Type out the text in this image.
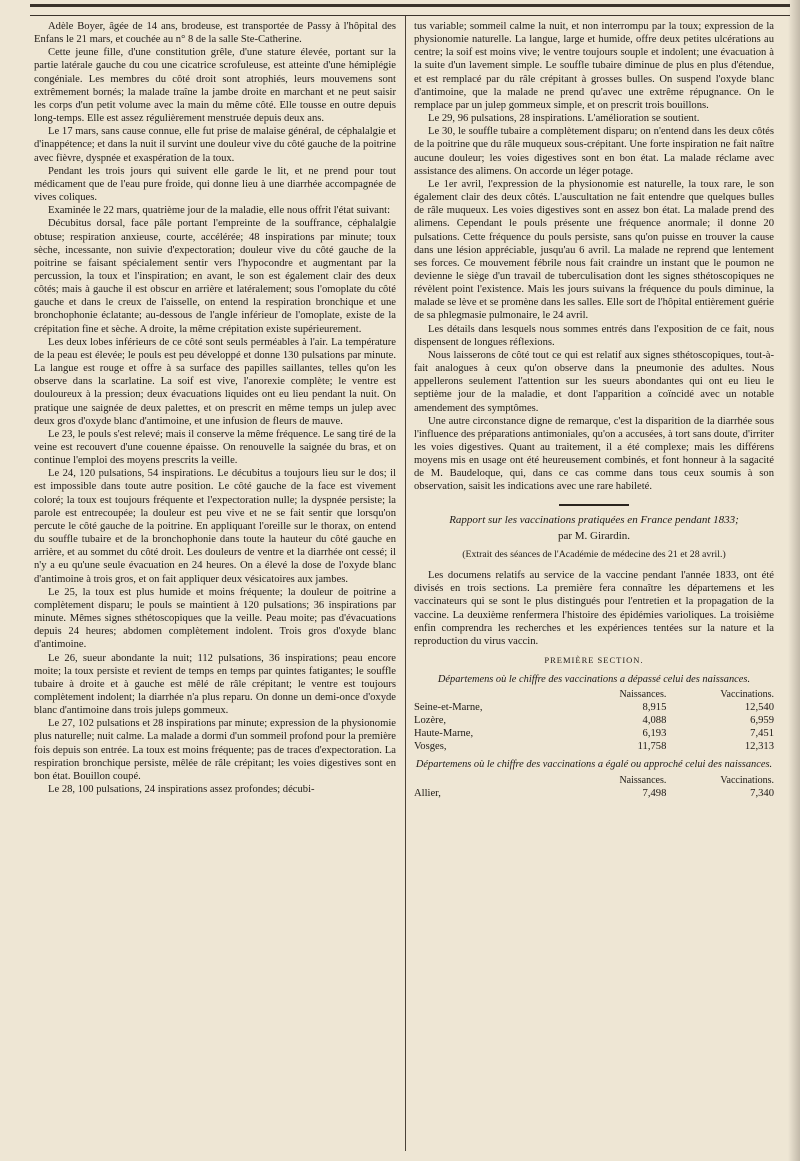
Adèle Boyer, âgée de 14 ans, brodeuse, est transportée de Passy à l'hôpital des Enfans le 21 mars, et couchée au n° 8 de la salle Ste-Catherine.

Cette jeune fille, d'une constitution grêle, d'une stature élevée, portant sur la partie latérale gauche du cou une cicatrice scrofuleuse, est atteinte d'une hémiplégie congéniale. Les membres du côté droit sont atrophiés, leurs mouvemens sont extrêmement bornés; la malade traîne la jambe droite en marchant et ne peut saisir les corps d'un petit volume avec la main du même côté. Elle tousse en outre depuis long-temps. Elle est assez régulièrement menstruée depuis deux ans.

Le 17 mars, sans cause connue, elle fut prise de malaise général, de céphalalgie et d'inappétence; et dans la nuit il survint une douleur vive du côté gauche de la poitrine avec fièvre, dyspnée et exaspération de la toux.

Pendant les trois jours qui suivent elle garde le lit, et ne prend pour tout médicament que de l'eau pure froide, qui donne lieu à une diarrhée accompagnée de vives coliques.

Examinée le 22 mars, quatrième jour de la maladie, elle nous offrit l'état suivant:

Décubitus dorsal, face pâle portant l'empreinte de la souffrance, céphalalgie obtuse; respiration anxieuse, courte, accélérée; 48 inspirations par minute; toux sèche, incessante, non suivie d'expectoration; douleur vive du côté gauche de la poitrine se faisant spécialement sentir vers l'hypocondre et augmentant par la percussion, la toux et l'inspiration; en avant, le son est également clair des deux côtés; mais à gauche il est obscur en arrière et latéralement; sous l'omoplate du côté gauche et dans le creux de l'aisselle, on entend la respiration bronchique et une bronchophonie éclatante; au-dessous de l'angle inférieur de l'omoplate, existe de la crépitation fine et sèche. A droite, la même crépitation existe supérieurement.

Les deux lobes inférieurs de ce côté sont seuls perméables à l'air. La température de la peau est élevée; le pouls est peu développé et donne 130 pulsations par minute. La langue est rouge et offre à sa surface des papilles saillantes, telles qu'on les observe dans la scarlatine. La soif est vive, l'anorexie complète; le ventre est douloureux à la pression; deux évacuations liquides ont eu lieu pendant la nuit. On pratique une saignée de deux palettes, et on prescrit en même temps un julep avec deux gros d'oxyde blanc d'antimoine, et une infusion de fleurs de mauve.

Le 23, le pouls s'est relevé; mais il conserve la même fréquence. Le sang tiré de la veine est recouvert d'une couenne épaisse. On renouvelle la saignée du bras, et on continue l'emploi des moyens prescrits la veille.

Le 24, 120 pulsations, 54 inspirations. Le décubitus a toujours lieu sur le dos; il est impossible dans toute autre position. Le côté gauche de la face est vivement coloré; la toux est toujours fréquente et l'expectoration nulle; la dyspnée persiste; la parole est entrecoupée; la douleur est peu vive et ne se fait sentir que lorsqu'on percute le côté gauche de la poitrine. En appliquant l'oreille sur le thorax, on entend du souffle tubaire et de la bronchophonie dans toute la hauteur du côté gauche en arrière, et au sommet du côté droit. Les douleurs de ventre et la diarrhée ont cessé; il n'y a eu qu'une seule évacuation en 24 heures. On a élevé la dose de l'oxyde blanc d'antimoine à trois gros, et on fait appliquer deux vésicatoires aux jambes.

Le 25, la toux est plus humide et moins fréquente; la douleur de poitrine a complètement disparu; le pouls se maintient à 120 pulsations; 36 inspirations par minute. Mêmes signes sthétoscopiques que la veille. Peau moite; pas d'évacuations depuis 24 heures; abdomen complètement indolent. Trois gros d'oxyde blanc d'antimoine.

Le 26, sueur abondante la nuit; 112 pulsations, 36 inspirations; peau encore moite; la toux persiste et revient de temps en temps par quintes fatigantes; le souffle tubaire à droite et à gauche est mêlé de râle crépitant; le ventre est toujours complètement indolent; la diarrhée n'a plus reparu. On donne un demi-once d'oxyde blanc d'antimoine dans trois juleps gommeux.

Le 27, 102 pulsations et 28 inspirations par minute; expression de la physionomie plus naturelle; nuit calme. La malade a dormi d'un sommeil profond pour la première fois depuis son entrée. La toux est moins fréquente; pas de traces d'expectoration. La respiration bronchique persiste, mêlée de râle crépitant; les voies digestives sont en bon état. Bouillon coupé.

Le 28, 100 pulsations, 24 inspirations assez profondes; décubi-

tus variable; sommeil calme la nuit, et non interrompu par la toux; expression de la physionomie naturelle. La langue, large et humide, offre deux petites ulcérations au centre; la soif est moins vive; le ventre toujours souple et indolent; une évacuation à la suite d'un lavement simple. Le souffle tubaire diminue de plus en plus d'étendue, et est remplacé par du râle crépitant à grosses bulles. On suspend l'oxyde blanc d'antimoine, que la malade ne prend qu'avec une extrême répugnance. On le remplace par un julep gommeux simple, et on prescrit trois bouillons.

Le 29, 96 pulsations, 28 inspirations. L'amélioration se soutient.

Le 30, le souffle tubaire a complètement disparu; on n'entend dans les deux côtés de la poitrine que du râle muqueux sous-crépitant. Une forte inspiration ne fait naître aucune douleur; les voies digestives sont en bon état. La malade réclame avec assistance des alimens. On accorde un léger potage.

Le 1er avril, l'expression de la physionomie est naturelle, la toux rare, le son également clair des deux côtés. L'auscultation ne fait entendre que quelques bulles de râle muqueux. Les voies digestives sont en assez bon état. La malade prend des alimens. Cependant le pouls présente une fréquence anormale; il donne 20 pulsations. Cette fréquence du pouls persiste, sans qu'on puisse en trouver la cause dans une lésion appréciable, jusqu'au 6 avril. La malade ne reprend que lentement ses forces. Ce mouvement fébrile nous fait craindre un instant que le poumon ne devienne le siège d'un travail de tuberculisation dont les signes sthétoscopiques ne révèlent point l'existence. Mais les jours suivans la fréquence du pouls diminue, la malade se lève et se promène dans les salles. Elle sort de l'hôpital entièrement guérie de sa phlegmasie pulmonaire, le 24 avril.

Les détails dans lesquels nous sommes entrés dans l'exposition de ce fait, nous dispensent de longues réflexions.

Nous laisserons de côté tout ce qui est relatif aux signes sthétoscopiques, tout-à-fait analogues à ceux qu'on observe dans la pneumonie des adultes. Nous appellerons seulement l'attention sur les sueurs abondantes qui ont eu lieu le septième jour de la maladie, et dont l'apparition a coïncidé avec un notable amendement des symptômes.

Une autre circonstance digne de remarque, c'est la disparition de la diarrhée sous l'influence des préparations antimoniales, qu'on a accusées, à tort sans doute, d'irriter les voies digestives. Quant au traitement, il a été complexe; mais les différens moyens mis en usage ont été heureusement combinés, et font honneur à la sagacité de M. Baudeloque, qui, dans ce cas comme dans tous ceux soumis à son observation, saisit les indications avec une rare habileté.

Rapport sur les vaccinations pratiquées en France pendant 1833;

par M. Girardin.

(Extrait des séances de l'Académie de médecine des 21 et 28 avril.)

Les documens relatifs au service de la vaccine pendant l'année 1833, ont été divisés en trois sections. La première fera connaître les départemens et les vaccinateurs qui se sont le plus distingués pour l'entretien et la propagation de la vaccine. La deuxième renfermera l'histoire des épidémies varioliques. La troisième enfin comprendra les recherches et les expériences tentées sur la nature et la reproduction du virus vaccin.

PREMIÈRE SECTION.

Départemens où le chiffre des vaccinations a dépassé celui des naissances.

	Naissances.	Vaccinations.
Seine-et-Marne,	8,915	12,540
Lozère,	4,088	6,959
Haute-Marne,	6,193	7,451
Vosges,	11,758	12,313

Départemens où le chiffre des vaccinations a égalé ou approché celui des naissances.

	Naissances.	Vaccinations.
Allier,	7,498	7,340
